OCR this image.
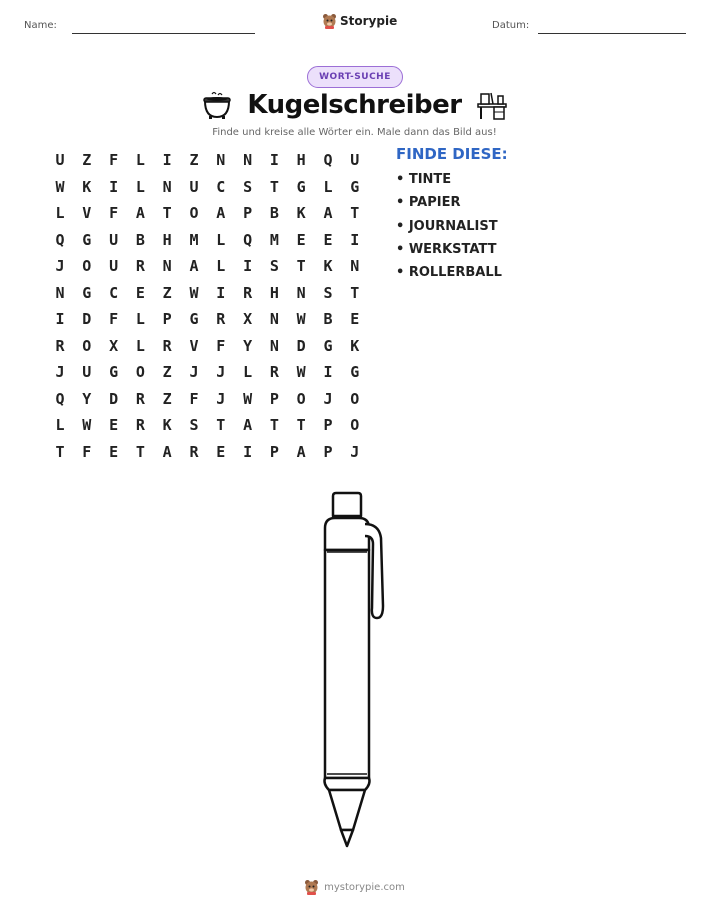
Name:	Storypie	Datum:
WORT-SUCHE
Kugelschreiber
Finde und kreise alle Wörter ein. Male dann das Bild aus!
U	Z	F	L	I	Z	N	N	I	H	Q	U
W	K	I	L	N	U	C	S	T	G	L	G
L	V	F	A	T	O	A	P	B	K	A	T
Q	G	U	B	H	M	L	Q	M	E	E	I
J	O	U	R	N	A	L	I	S	T	K	N
N	G	C	E	Z	W	I	R	H	N	S	T
I	D	F	L	P	G	R	X	N	W	B	E
R	O	X	L	R	V	F	Y	N	D	G	K
J	U	G	O	Z	J	J	L	R	W	I	G
Q	Y	D	R	Z	F	J	W	P	O	J	O
L	W	E	R	K	S	T	A	T	T	P	O
T	F	E	T	A	R	E	I	P	A	P	J
FINDE DIESE:
• TINTE
• PAPIER
• JOURNALIST
• WERKSTATT
• ROLLERBALL
mystorypie.com
